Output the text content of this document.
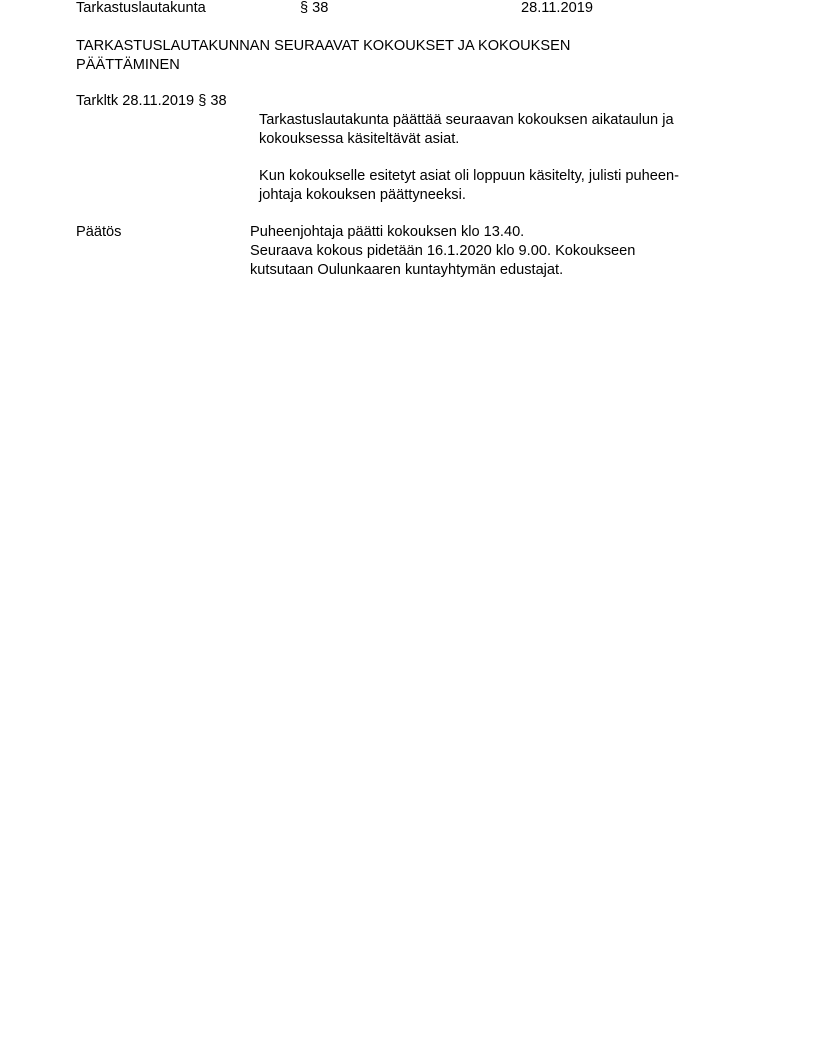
Tarkastuslautakunta	§ 38	28.11.2019
TARKASTUSLAUTAKUNNAN SEURAAVAT KOKOUKSET JA KOKOUKSEN
PÄÄTTÄMINEN
Tarkltk 28.11.2019 § 38
Tarkastuslautakunta päättää seuraavan kokouksen aikataulun ja
kokouksessa käsiteltävät asiat.
Kun kokoukselle esitetyt asiat oli loppuun käsitelty, julisti puheen-
johtaja kokouksen päättyneeksi.
Päätös	Puheenjohtaja päätti kokouksen klo 13.40.
Seuraava kokous pidetään 16.1.2020 klo 9.00. Kokoukseen
kutsutaan Oulunkaaren kuntayhtymän edustajat.
